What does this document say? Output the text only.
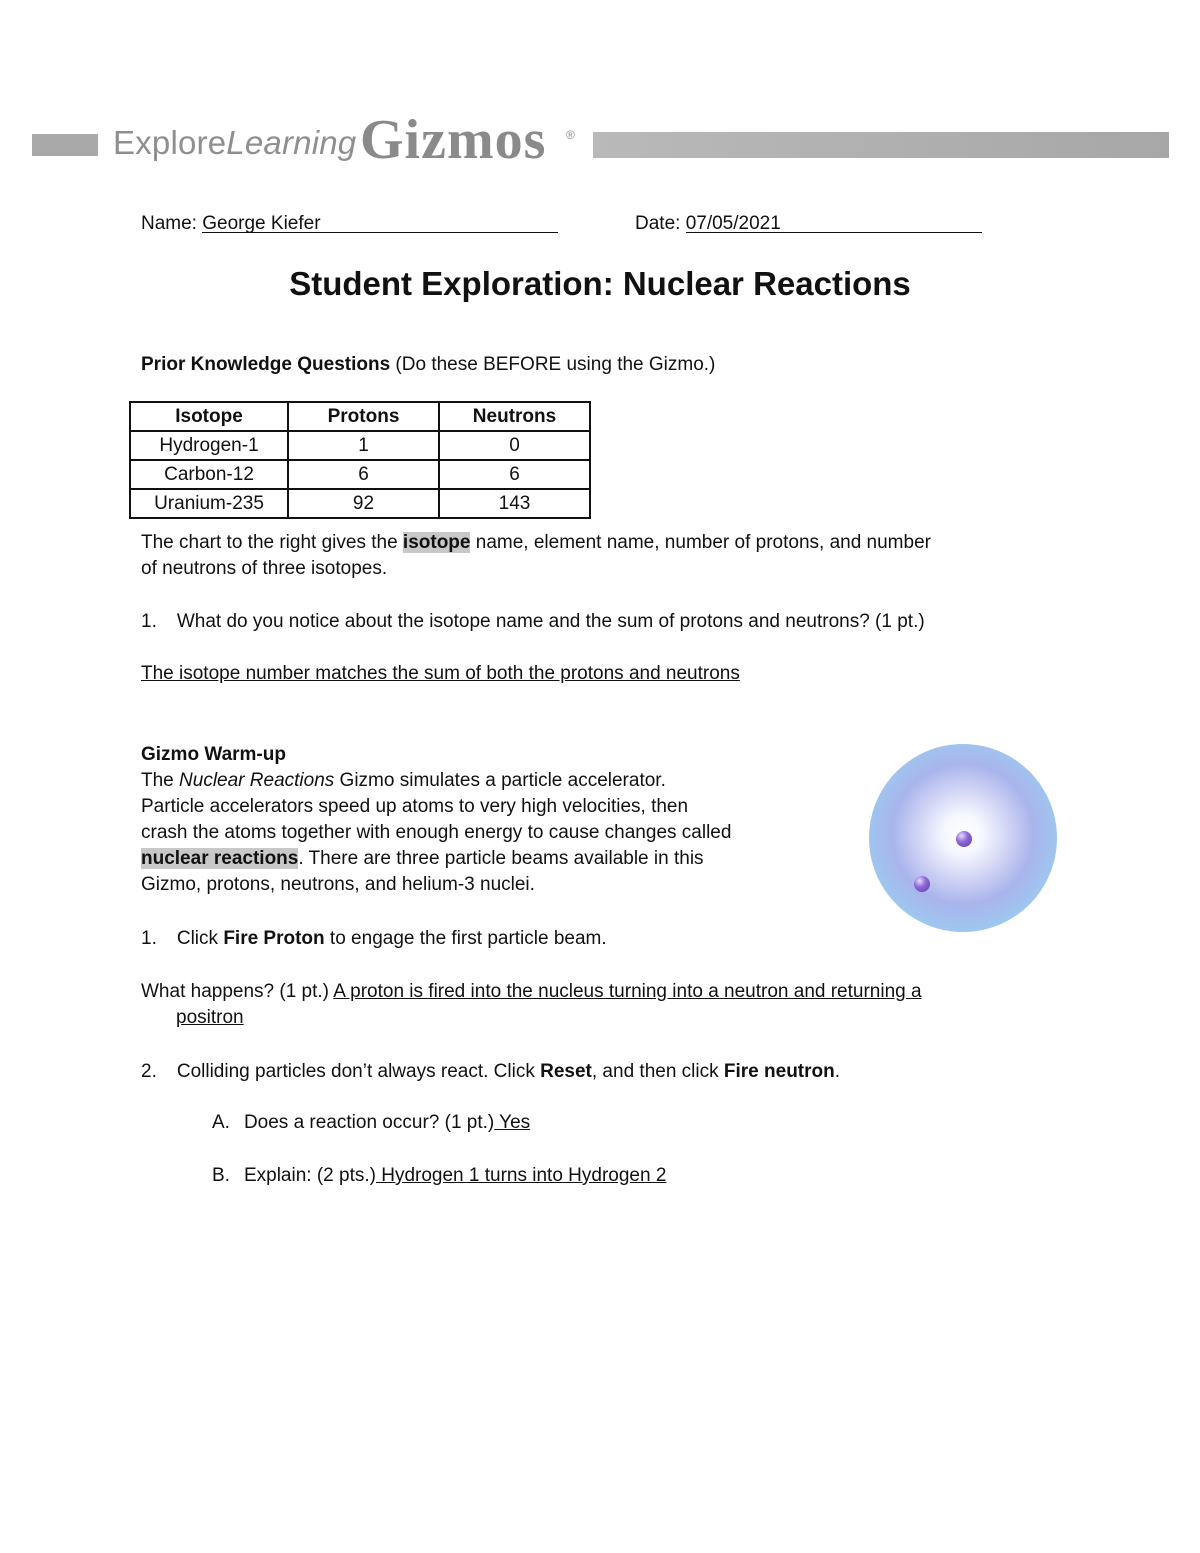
ExploreLearning Gizmos ®
Name: George Kiefer	Date: 07/05/2021
Student Exploration: Nuclear Reactions
Prior Knowledge Questions (Do these BEFORE using the Gizmo.)
Isotope	Protons	Neutrons
Hydrogen-1	1	0
Carbon-12	6	6
Uranium-235	92	143
The chart to the right gives the isotope name, element name, number of protons, and number
of neutrons of three isotopes.
1. What do you notice about the isotope name and the sum of protons and neutrons? (1 pt.)
The isotope number matches the sum of both the protons and neutrons
Gizmo Warm-up
The Nuclear Reactions Gizmo simulates a particle accelerator.
Particle accelerators speed up atoms to very high velocities, then
crash the atoms together with enough energy to cause changes called
nuclear reactions. There are three particle beams available in this
Gizmo, protons, neutrons, and helium-3 nuclei.
1. Click Fire Proton to engage the first particle beam.
What happens? (1 pt.) A proton is fired into the nucleus turning into a neutron and returning a
positron
2. Colliding particles don’t always react. Click Reset, and then click Fire neutron.
A. Does a reaction occur? (1 pt.) Yes
B. Explain: (2 pts.) Hydrogen 1 turns into Hydrogen 2
